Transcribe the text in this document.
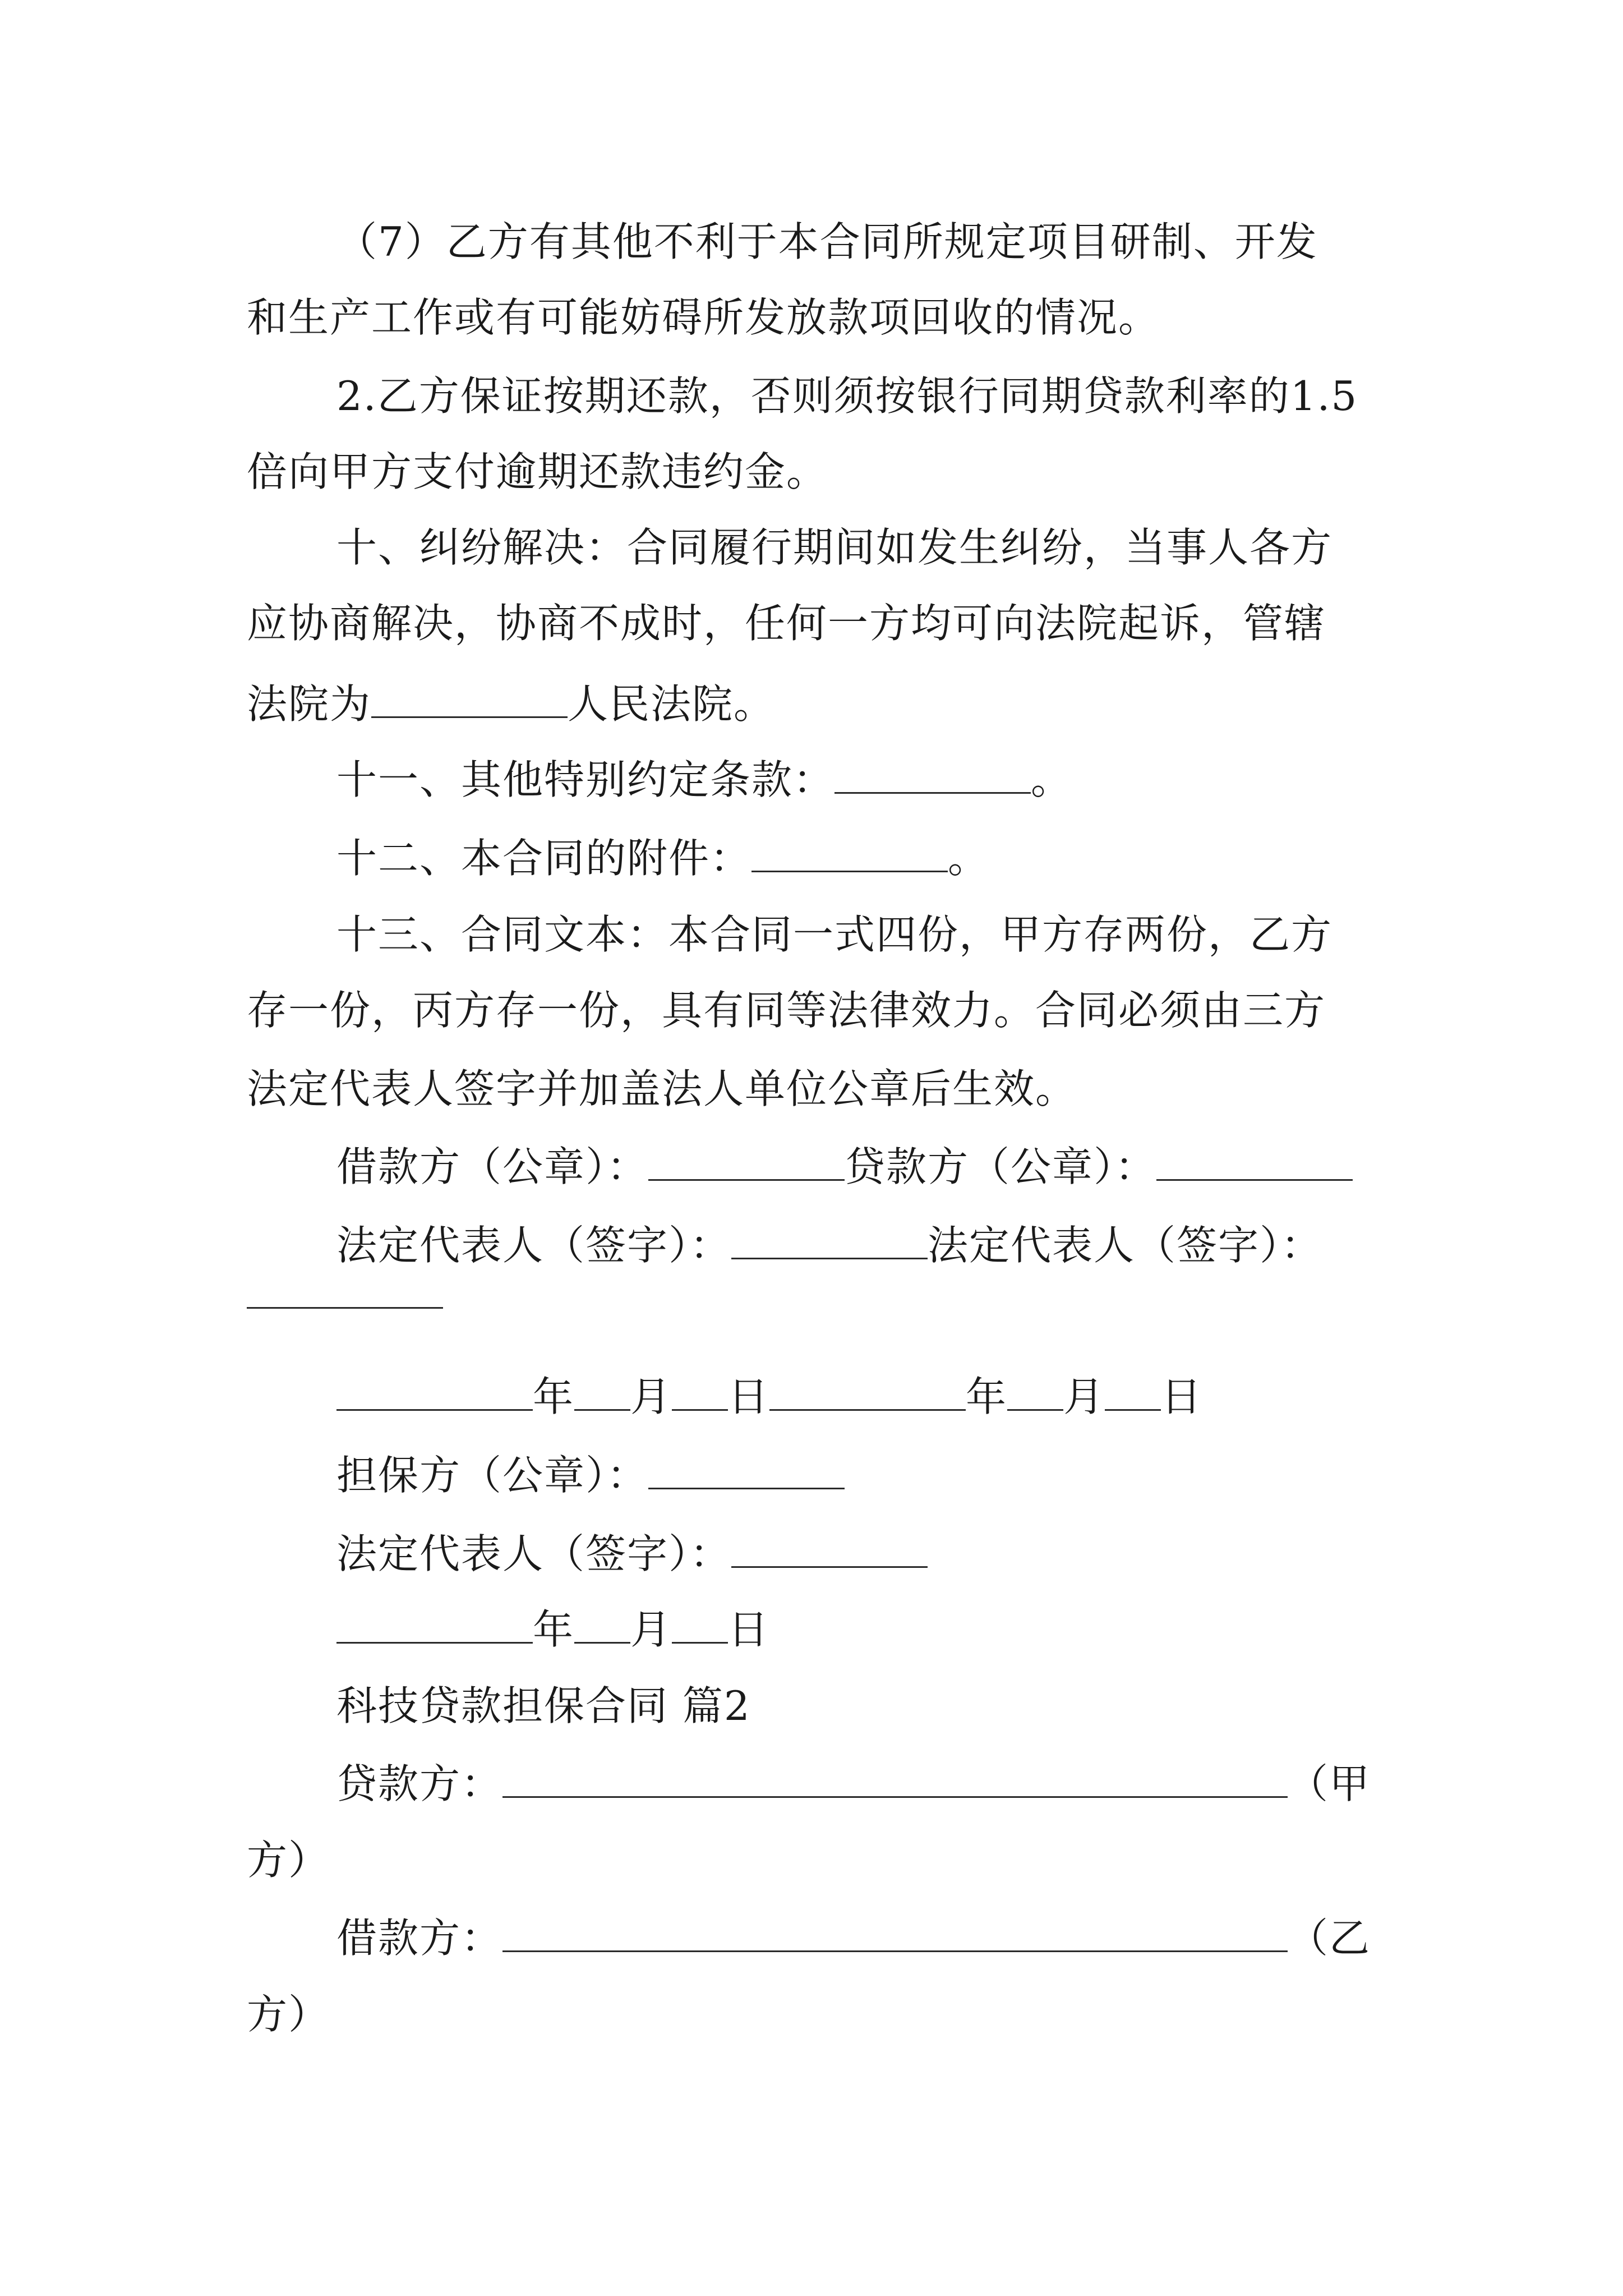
（7）乙方有其他不利于本合同所规定项目研制、开发
和生产工作或有可能妨碍所发放款项回收的情况。
2.乙方保证按期还款，否则须按银行同期贷款利率的1.5
倍向甲方支付逾期还款违约金。
十、纠纷解决：合同履行期间如发生纠纷，当事人各方
应协商解决，协商不成时，任何一方均可向法院起诉，管辖
法院为	人民法院。
十一、其他特别约定条款：	。
十二、本合同的附件：	。
十三、合同文本：本合同一式四份，甲方存两份，乙方
存一份，丙方存一份，具有同等法律效力。合同必须由三方
法定代表人签字并加盖法人单位公章后生效。
借款方（公章）：	贷款方（公章）：
法定代表人（签字）：	法定代表人（签字）：
年 月 日	年 月 日
担保方（公章）：
法定代表人（签字）：
年 月 日
科技贷款担保合同 篇2
贷款方：	（甲
方）
借款方：	（乙
方）
